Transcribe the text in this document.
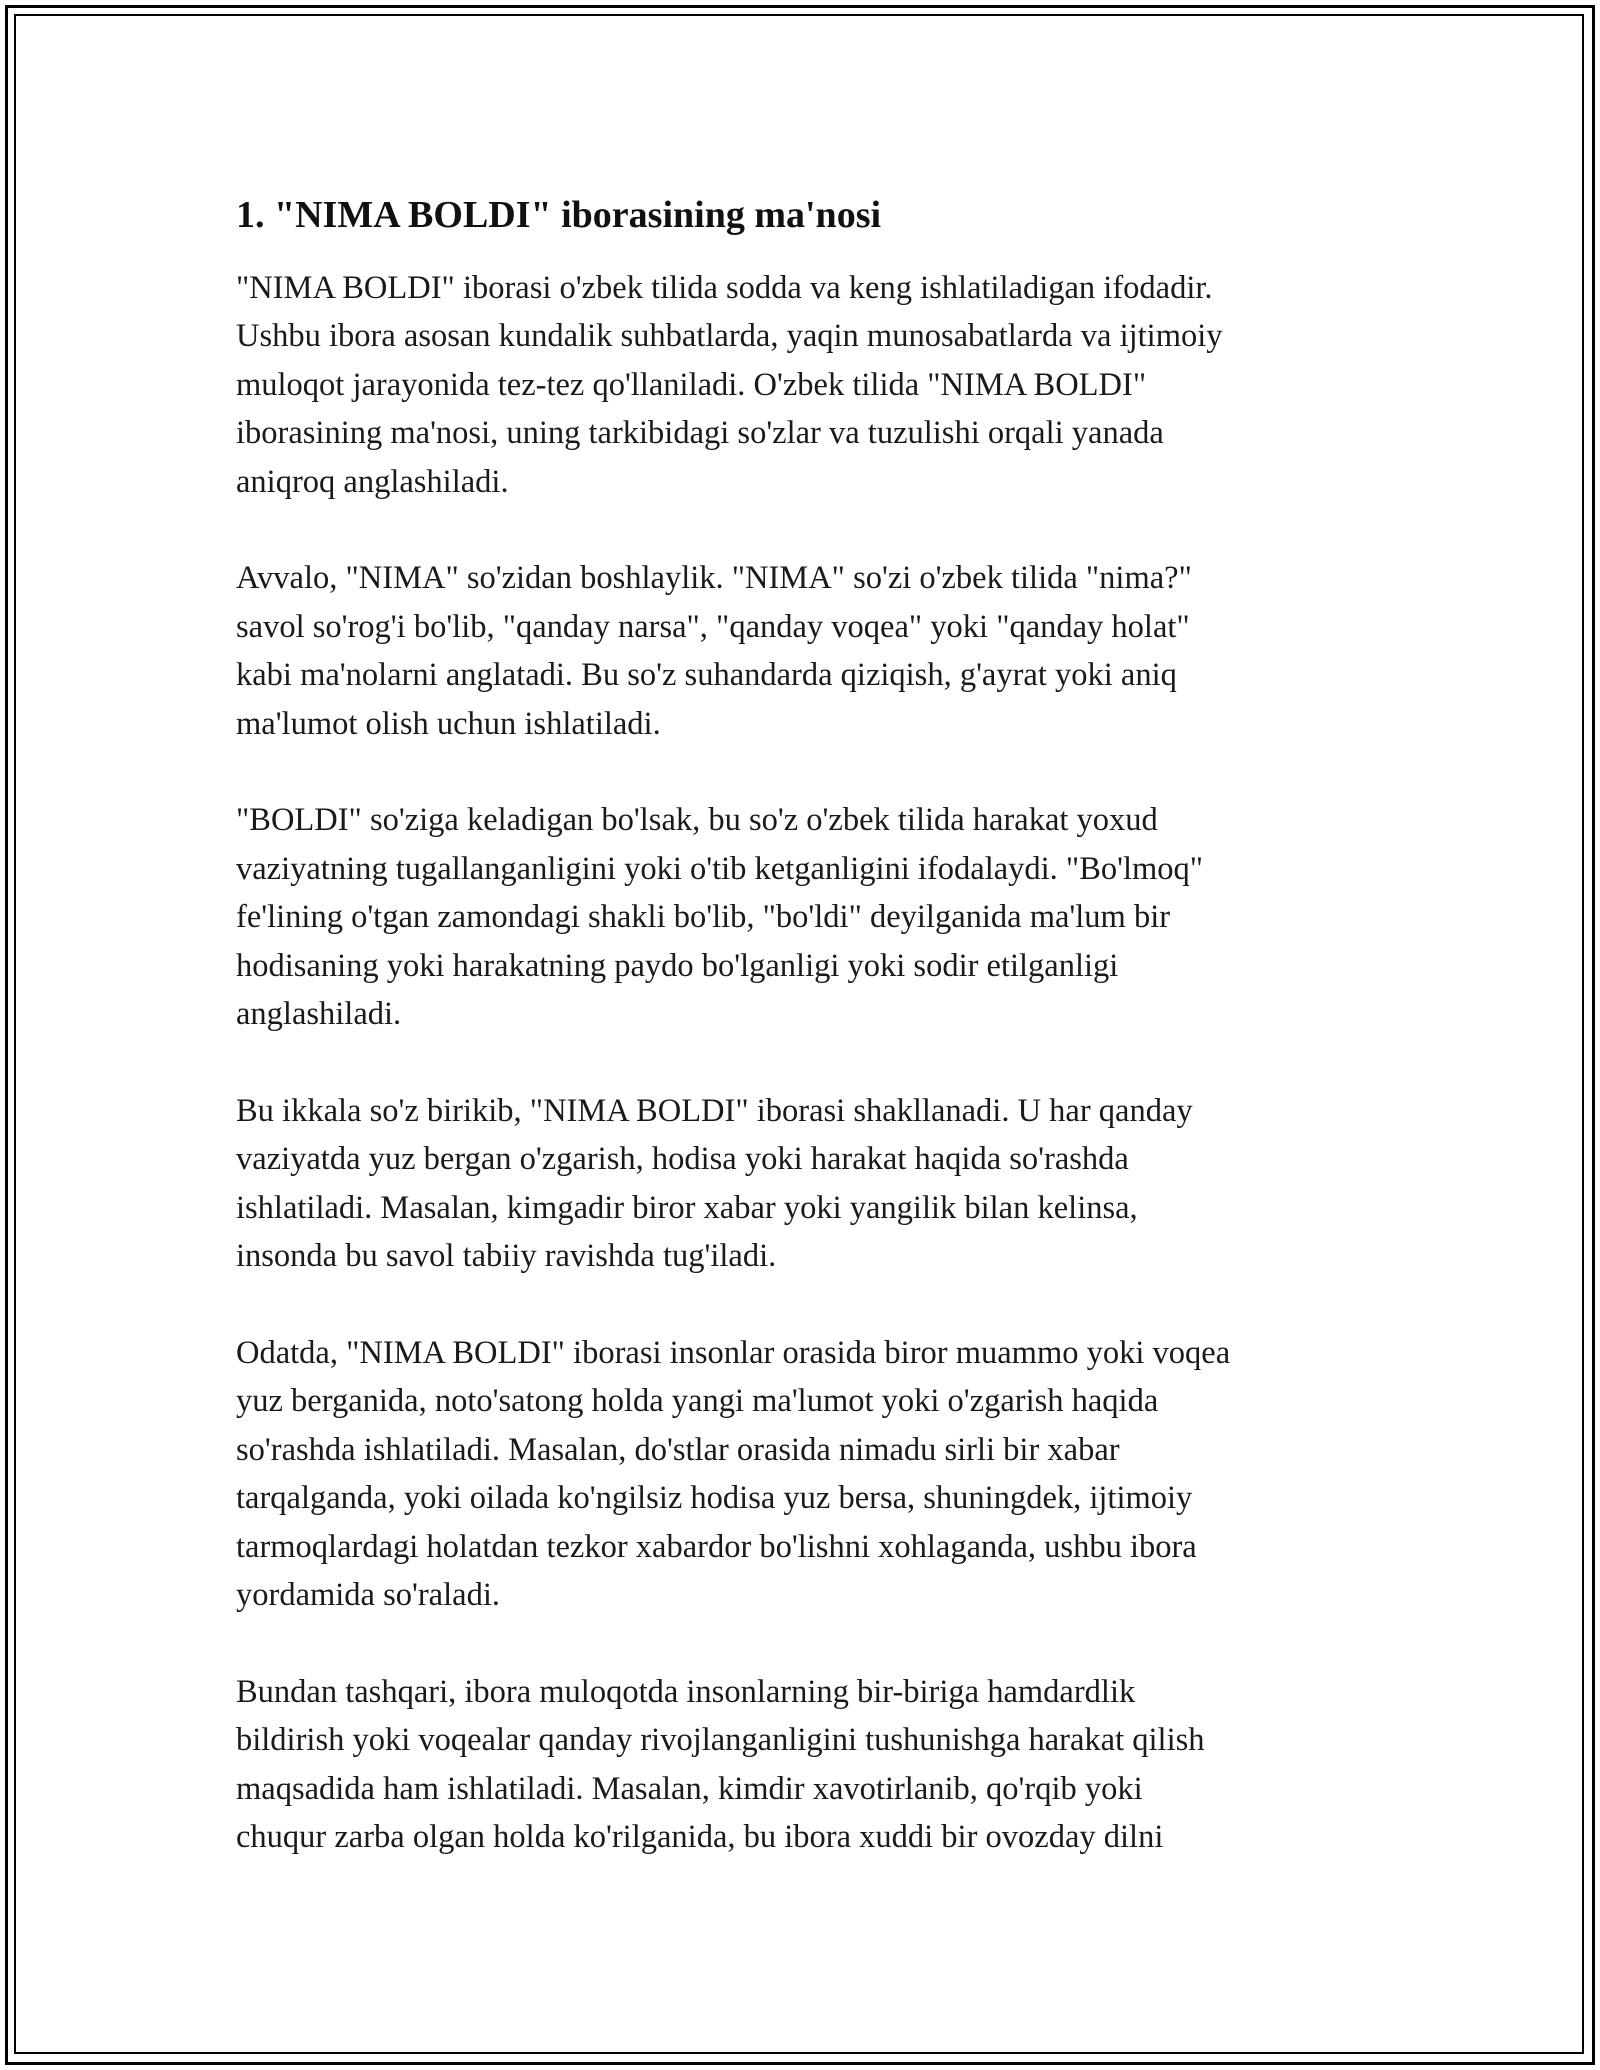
1. "NIMA BOLDI" iborasining ma'nosi

"NIMA BOLDI" iborasi o'zbek tilida sodda va keng ishlatiladigan ifodadir.
Ushbu ibora asosan kundalik suhbatlarda, yaqin munosabatlarda va ijtimoiy
muloqot jarayonida tez-tez qo'llaniladi. O'zbek tilida "NIMA BOLDI"
iborasining ma'nosi, uning tarkibidagi so'zlar va tuzulishi orqali yanada
aniqroq anglashiladi.

Avvalo, "NIMA" so'zidan boshlaylik. "NIMA" so'zi o'zbek tilida "nima?"
savol so'rog'i bo'lib, "qanday narsa", "qanday voqea" yoki "qanday holat"
kabi ma'nolarni anglatadi. Bu so'z suhandarda qiziqish, g'ayrat yoki aniq
ma'lumot olish uchun ishlatiladi.

"BOLDI" so'ziga keladigan bo'lsak, bu so'z o'zbek tilida harakat yoxud
vaziyatning tugallanganligini yoki o'tib ketganligini ifodalaydi. "Bo'lmoq"
fe'lining o'tgan zamondagi shakli bo'lib, "bo'ldi" deyilganida ma'lum bir
hodisaning yoki harakatning paydo bo'lganligi yoki sodir etilganligi
anglashiladi.

Bu ikkala so'z birikib, "NIMA BOLDI" iborasi shakllanadi. U har qanday
vaziyatda yuz bergan o'zgarish, hodisa yoki harakat haqida so'rashda
ishlatiladi. Masalan, kimgadir biror xabar yoki yangilik bilan kelinsa,
insonda bu savol tabiiy ravishda tug'iladi.

Odatda, "NIMA BOLDI" iborasi insonlar orasida biror muammo yoki voqea
yuz berganida, noto'satong holda yangi ma'lumot yoki o'zgarish haqida
so'rashda ishlatiladi. Masalan, do'stlar orasida nimadu sirli bir xabar
tarqalganda, yoki oilada ko'ngilsiz hodisa yuz bersa, shuningdek, ijtimoiy
tarmoqlardagi holatdan tezkor xabardor bo'lishni xohlaganda, ushbu ibora
yordamida so'raladi.

Bundan tashqari, ibora muloqotda insonlarning bir-biriga hamdardlik
bildirish yoki voqealar qanday rivojlanganligini tushunishga harakat qilish
maqsadida ham ishlatiladi. Masalan, kimdir xavotirlanib, qo'rqib yoki
chuqur zarba olgan holda ko'rilganida, bu ibora xuddi bir ovozday dilni
